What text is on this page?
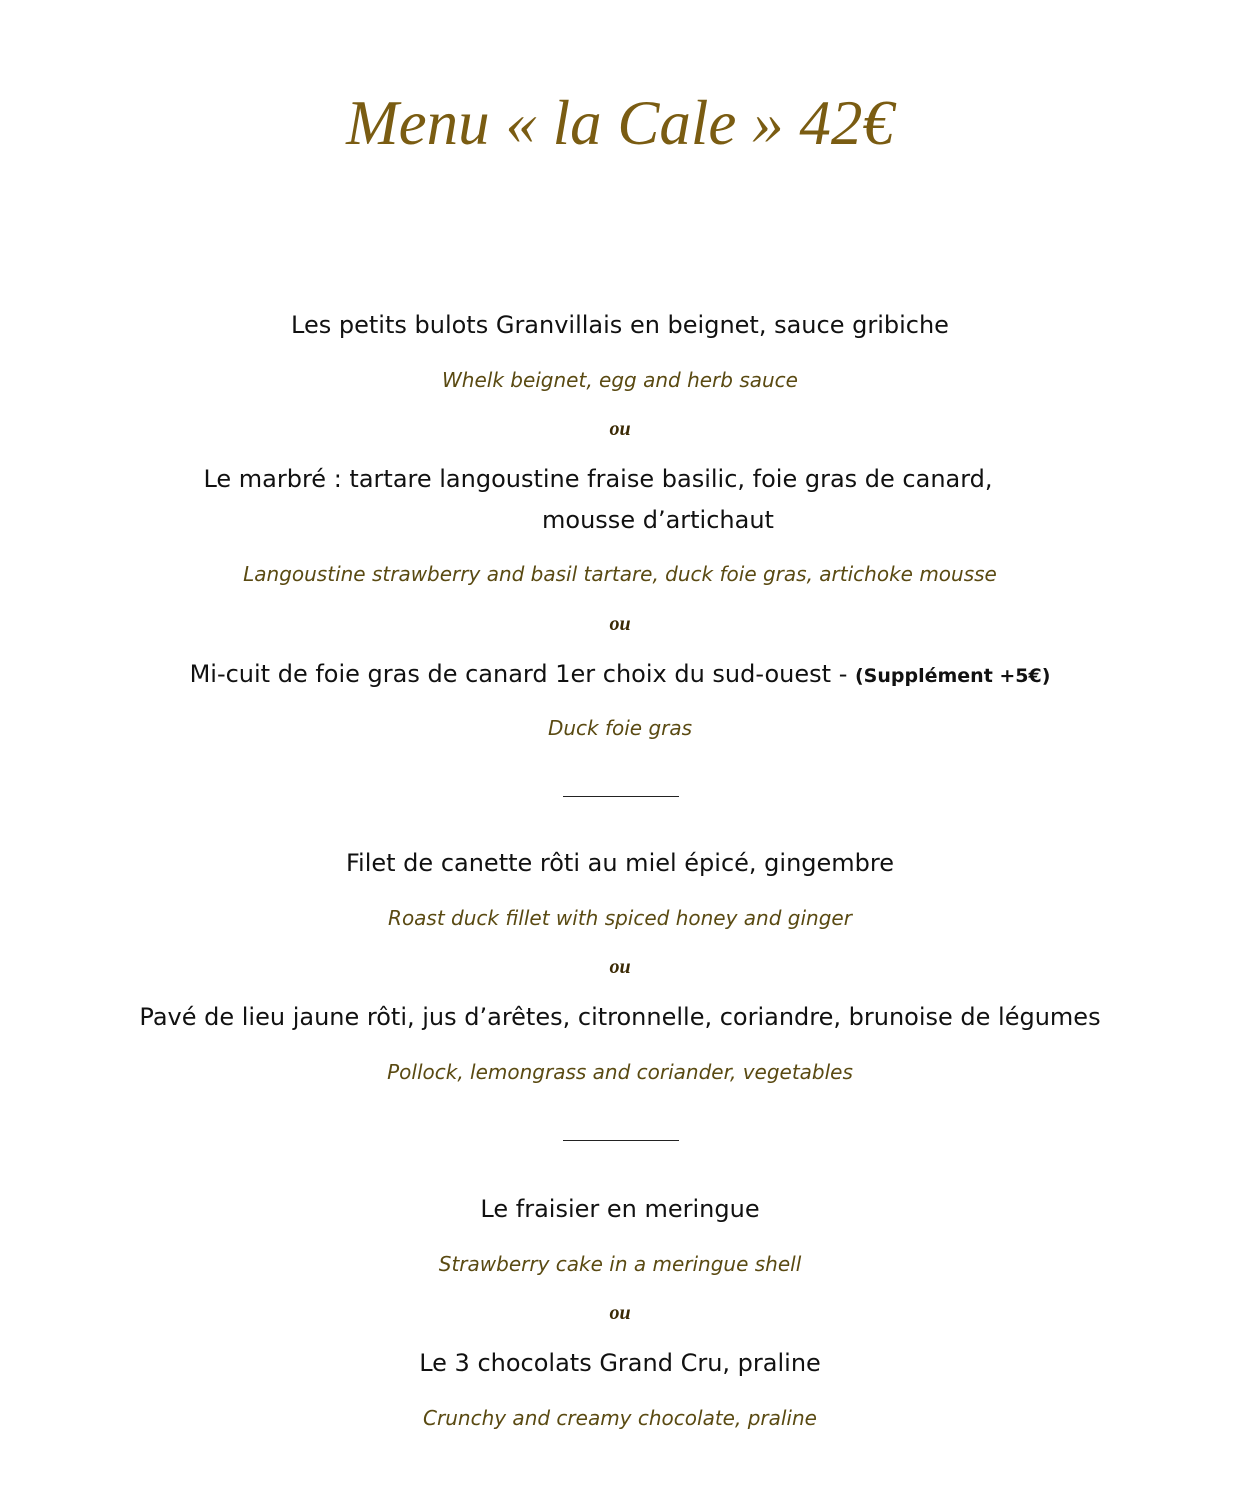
Menu « la Cale » 42€
Les petits bulots Granvillais en beignet, sauce gribiche
Whelk beignet, egg and herb sauce
ou
Le marbré : tartare langoustine fraise basilic, foie gras de canard,
mousse d’artichaut
Langoustine strawberry and basil tartare, duck foie gras, artichoke mousse
ou
Mi-cuit de foie gras de canard 1er choix du sud-ouest - (Supplément +5€)
Duck foie gras
Filet de canette rôti au miel épicé, gingembre
Roast duck fillet with spiced honey and ginger
ou
Pavé de lieu jaune rôti, jus d’arêtes, citronnelle, coriandre, brunoise de légumes
Pollock, lemongrass and coriander, vegetables
Le fraisier en meringue
Strawberry cake in a meringue shell
ou
Le 3 chocolats Grand Cru, praline
Crunchy and creamy chocolate, praline
